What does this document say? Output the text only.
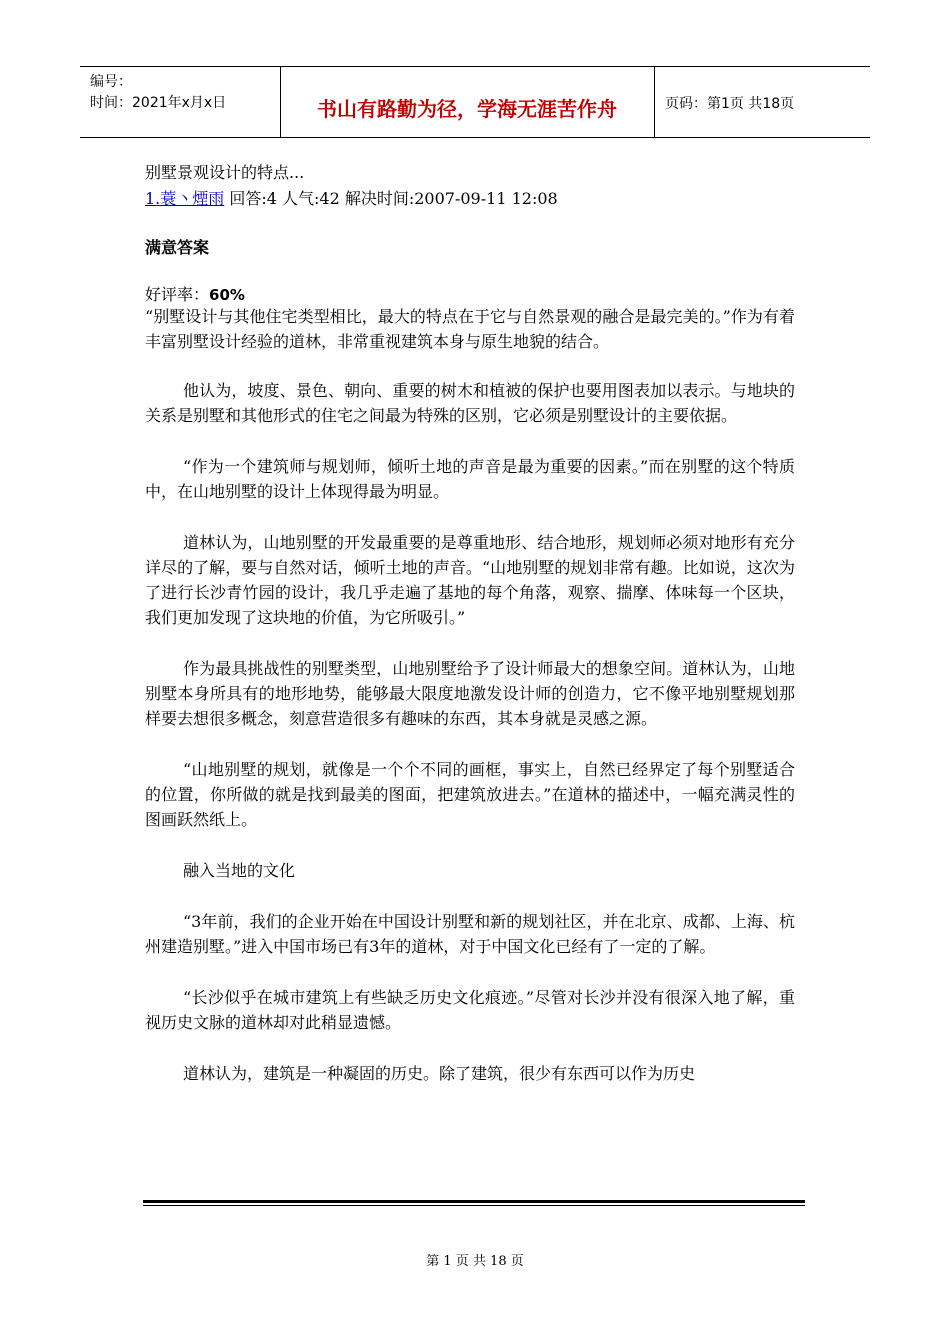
编号：
时间：2021年x月x日	书山有路勤为径，学海无涯苦作舟	页码：第1页 共18页
别墅景观设计的特点...
1.蓑丶煙雨 回答:4 人气:42 解决时间:2007-09-11 12:08
满意答案
好评率：60%

“别墅设计与其他住宅类型相比，最大的特点在于它与自然景观的融合是最完美的。”作为有着丰富别墅设计经验的道林，非常重视建筑本身与原生地貌的结合。

他认为，坡度、景色、朝向、重要的树木和植被的保护也要用图表加以表示。与地块的关系是别墅和其他形式的住宅之间最为特殊的区别，它必须是别墅设计的主要依据。

“作为一个建筑师与规划师，倾听土地的声音是最为重要的因素。”而在别墅的这个特质中，在山地别墅的设计上体现得最为明显。

道林认为，山地别墅的开发最重要的是尊重地形、结合地形，规划师必须对地形有充分详尽的了解，要与自然对话，倾听土地的声音。“山地别墅的规划非常有趣。比如说，这次为了进行长沙青竹园的设计，我几乎走遍了基地的每个角落，观察、揣摩、体味每一个区块，我们更加发现了这块地的价值，为它所吸引。”

作为最具挑战性的别墅类型，山地别墅给予了设计师最大的想象空间。道林认为，山地别墅本身所具有的地形地势，能够最大限度地激发设计师的创造力，它不像平地别墅规划那样要去想很多概念，刻意营造很多有趣味的东西，其本身就是灵感之源。

“山地别墅的规划，就像是一个个不同的画框，事实上，自然已经界定了每个别墅适合的位置，你所做的就是找到最美的图面，把建筑放进去。”在道林的描述中，一幅充满灵性的图画跃然纸上。

融入当地的文化

“3年前，我们的企业开始在中国设计别墅和新的规划社区，并在北京、成都、上海、杭州建造别墅。”进入中国市场已有3年的道林，对于中国文化已经有了一定的了解。

“长沙似乎在城市建筑上有些缺乏历史文化痕迹。”尽管对长沙并没有很深入地了解，重视历史文脉的道林却对此稍显遗憾。

道林认为，建筑是一种凝固的历史。除了建筑，很少有东西可以作为历史

第 1 页 共 18 页
